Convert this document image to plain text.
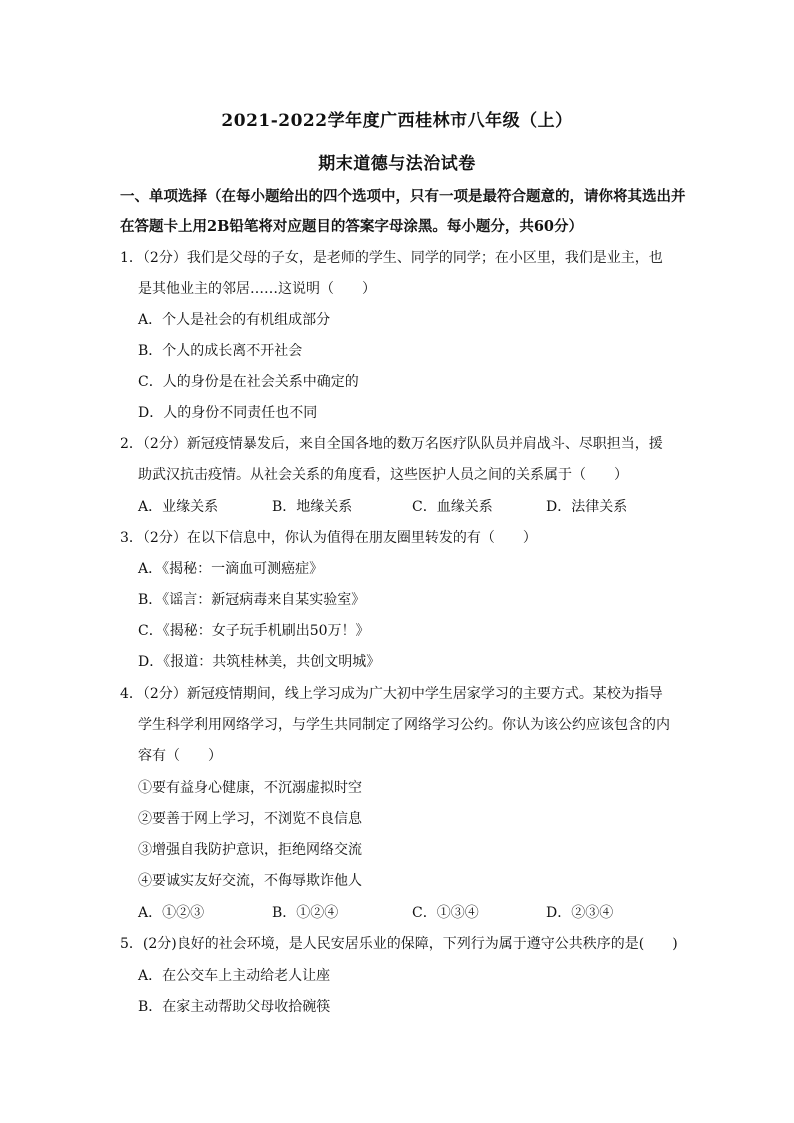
2021-2022学年度广西桂林市八年级（上）
期末道德与法治试卷
一、单项选择（在每小题给出的四个选项中，只有一项是最符合题意的，请你将其选出并
在答题卡上用2B铅笔将对应题目的答案字母涂黑。每小题分，共60分）
1．（2分）我们是父母的子女，是老师的学生、同学的同学；在小区里，我们是业主，也
是其他业主的邻居……这说明（　　）
A．个人是社会的有机组成部分
B．个人的成长离不开社会
C．人的身份是在社会关系中确定的
D．人的身份不同责任也不同
2．（2分）新冠疫情暴发后，来自全国各地的数万名医疗队队员并肩战斗、尽职担当，援
助武汉抗击疫情。从社会关系的角度看，这些医护人员之间的关系属于（　　）
A．业缘关系	B．地缘关系	C．血缘关系	D．法律关系
3．（2分）在以下信息中，你认为值得在朋友圈里转发的有（　　）
A．《揭秘：一滴血可测癌症》
B．《谣言：新冠病毒来自某实验室》
C．《揭秘：女子玩手机刷出50万！》
D．《报道：共筑桂林美，共创文明城》
4．（2分）新冠疫情期间，线上学习成为广大初中学生居家学习的主要方式。某校为指导
学生科学利用网络学习，与学生共同制定了网络学习公约。你认为该公约应该包含的内
容有（　　）
①要有益身心健康，不沉溺虚拟时空
②要善于网上学习，不浏览不良信息
③增强自我防护意识，拒绝网络交流
④要诚实友好交流，不侮辱欺诈他人
A．①②③	B．①②④	C．①③④	D．②③④
5．(2分)良好的社会环境，是人民安居乐业的保障，下列行为属于遵守公共秩序的是(　　)
A．在公交车上主动给老人让座
B．在家主动帮助父母收拾碗筷
